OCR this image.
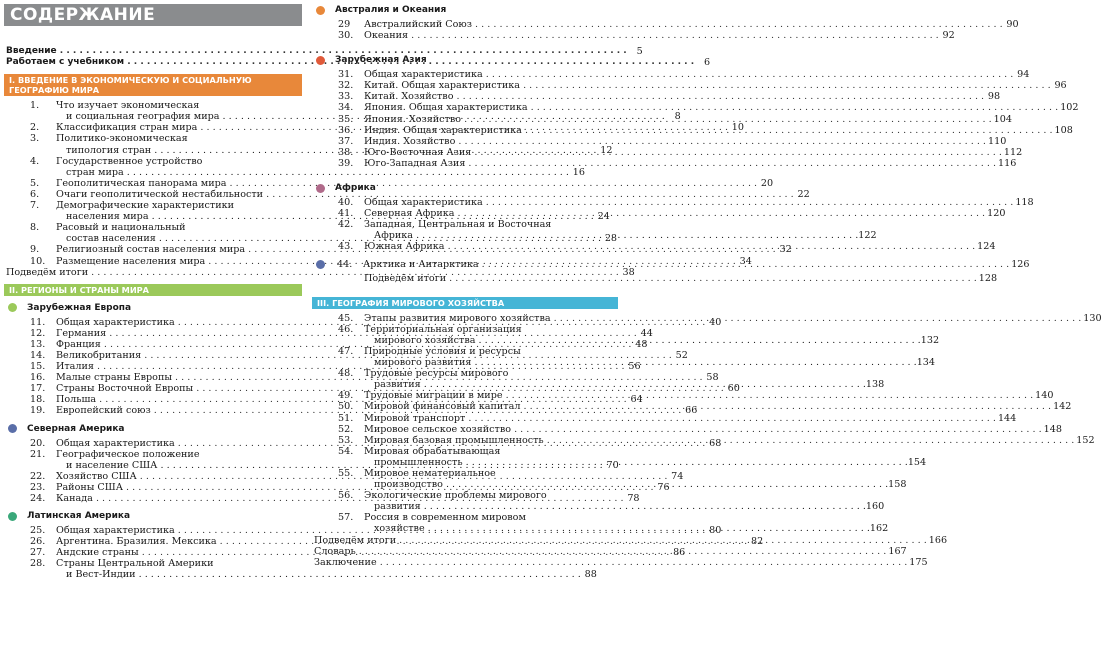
СОДЕРЖАНИЕ
Введение . . .	5
Работаем с учебником . . .	6
I. ВВЕДЕНИЕ В ЭКОНОМИЧЕСКУЮ И СОЦИАЛЬНУЮ ГЕОГРАФИЮ МИРА
1.	Что изучает экономическая
и социальная география мира . . .	8
2.	Классификация стран мира . . .	10
3.	Политико-экономическая
типология стран . . .	12
4.	Государственное устройство
стран мира . . .	16
5.	Геополитическая панорама мира . . .	20
6.	Очаги геополитической нестабильности . . .	22
7.	Демографические характеристики
населения мира . . .	24
8.	Расовый и национальный
состав населения . . .	28
9.	Религиозный состав населения мира . . .	32
10.	Размещение населения мира . . .	34
Подведём итоги . . .	38
II. РЕГИОНЫ И СТРАНЫ МИРА
Зарубежная Европа
11.	Общая характеристика . . .	40
12.	Германия . . .	44
13.	Франция . . .	48
14.	Великобритания . . .	52
15.	Италия . . .	56
16.	Малые страны Европы . . .	58
17.	Страны Восточной Европы . . .	60
18.	Польша . . .	64
19.	Европейский союз . . .	66
Северная Америка
20.	Общая характеристика . . .	68
21.	Географическое положение
и население США . . .	70
22.	Хозяйство США . . .	74
23.	Районы США . . .	76
24.	Канада . . .	78
Латинская Америка
25.	Общая характеристика . . .	80
26.	Аргентина. Бразилия. Мексика . . .	82
27.	Андские страны . . .	86
28.	Страны Центральной Америки
и Вест-Индии . . .	88
Австралия и Океания
29	Австралийский Союз . . .	90
30.	Океания . . .	92
Зарубежная Азия
31.	Общая характеристика . . .	94
32.	Китай. Общая характеристика . . .	96
33.	Китай. Хозяйство . . .	98
34.	Япония. Общая характеристика . . .	102
35.	Япония. Хозяйство . . .	104
36.	Индия. Общая характеристика . . .	108
37.	Индия. Хозяйство . . .	110
38.	Юго-Восточная Азия . . .	112
39.	Юго-Западная Азия . . .	116
Африка
40.	Общая характеристика . . .	118
41.	Северная Африка . . .	120
42.	Западная, Центральная и Восточная
Африка . . .	122
43.	Южная Африка . . .	124
44.	Арктика и Антарктика . . .	126
Подведём итоги . . .	128
III. ГЕОГРАФИЯ МИРОВОГО ХОЗЯЙСТВА
45.	Этапы развития мирового хозяйства . . .	130
46.	Территориальная организация
мирового хозяйства . . .	132
47.	Природные условия и ресурсы
мирового развития . . .	134
48.	Трудовые ресурсы мирового
развития . . .	138
49.	Трудовые миграции в мире . . .	140
50.	Мировой финансовый капитал . . .	142
51.	Мировой транспорт . . .	144
52.	Мировое сельское хозяйство . . .	148
53.	Мировая базовая промышленность . . .	152
54.	Мировая обрабатывающая
промышленность . . .	154
55.	Мировое нематериальное
производство . . .	158
56.	Экологические проблемы мирового
развития . . .	160
57.	Россия в современном мировом
хозяйстве . . .	162
Подведём итоги . . .	166
Словарь . . .	167
Заключение . . .	175
